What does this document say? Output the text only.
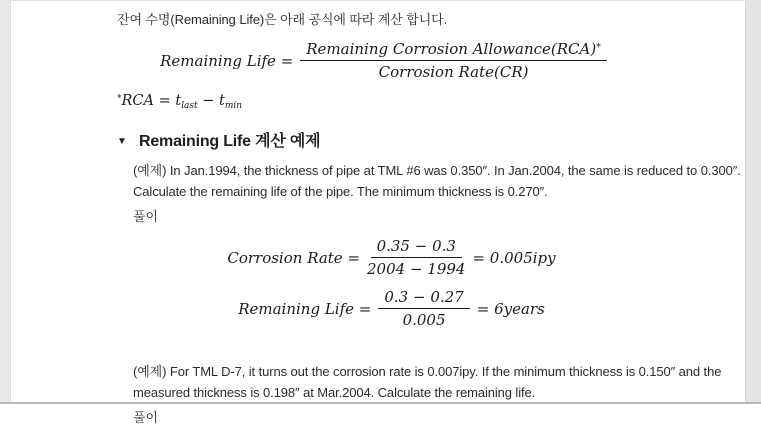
잔여 수명(Remaining Life)은 아래 공식에 따라 계산 합니다.

Remaining Life = $\frac{Remaining Corrosion Allowance(RCA)^*}{\text{Corrosion Rate(CR)}}$
*RCA = tlast − tmin
▼ Remaining Life 계산 예제

(예제) In Jan.1994, the thickness of pipe at TML #6 was 0.350″. In Jan.2004, the same is reduced to 0.300″.
Calculate the remaining life of the pipe. The minimum thickness is 0.270″.

풀이

Corrosion Rate = $\frac{0.35 - 0.3}{2004 - 1994} = 0.005ipy$
Remaining Life = $\frac{0.3 - 0.27}{0.005}$ = 6years

(예제) For TML D-7, it turns out the corrosion rate is 0.007ipy. If the minimum thickness is 0.150″ and the
measured thickness is 0.198″ at Mar.2004. Calculate the remaining life.

풀이
